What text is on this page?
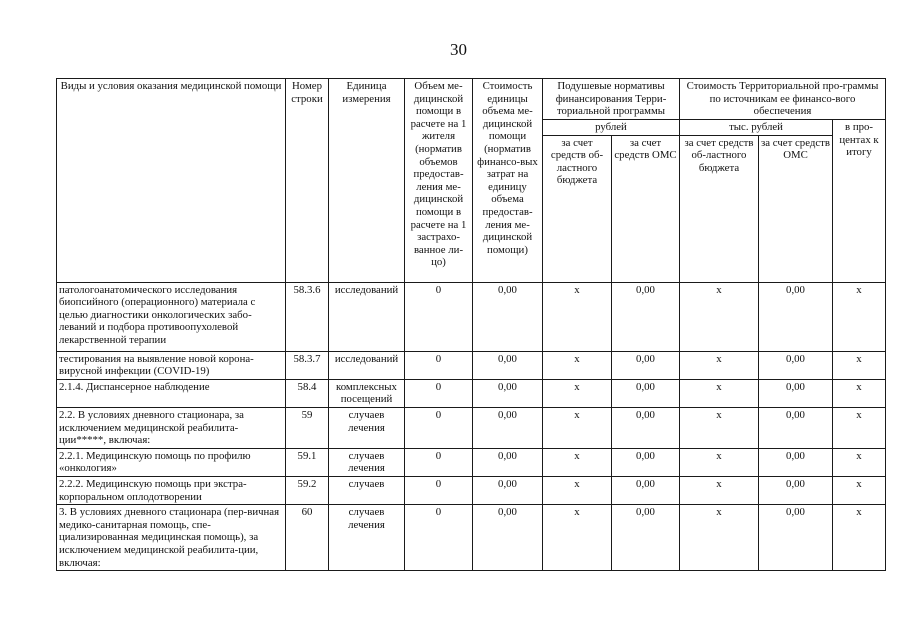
30
Виды и условия оказания медицинской помощи	Номер строки	Единица измерения	Объем ме-дицинской помощи в расчете на 1 жителя (норматив объемов предостав-ления ме-дицинской помощи в расчете на 1 застрахо-ванное ли-цо)	Стоимость единицы объема ме-дицинской помощи (норматив финансо-вых затрат на единицу объема предостав-ления ме-дицинской помощи)	Подушевые нормативы финансирования Терри-ториальной программы		Стоимость Территориальной про-граммы по источникам ее финансо-вого обеспечения		
					рублей		тыс. рублей		в про-центах к итогу
					за счет средств об-ластного бюджета	за счет средств ОМС	за счет средств об-ластного бюджета	за счет средств ОМС	
патологоанатомического исследования биопсийного (операционного) материала с целью диагностики онкологических забо-леваний и подбора противоопухолевой лекарственной терапии	58.3.6	исследований	0	0,00	х	0,00	х	0,00	х
тестирования на выявление новой корона-вирусной инфекции (COVID-19)	58.3.7	исследований	0	0,00	х	0,00	х	0,00	х
2.1.4. Диспансерное наблюдение	58.4	комплексных посещений	0	0,00	х	0,00	х	0,00	х
2.2. В условиях дневного стационара, за исключением медицинской реабилита-ции*****, включая:	59	случаев лечения	0	0,00	х	0,00	х	0,00	х
2.2.1. Медицинскую помощь по профилю «онкология»	59.1	случаев лечения	0	0,00	х	0,00	х	0,00	х
2.2.2. Медицинскую помощь при экстра-корпоральном оплодотворении	59.2	случаев	0	0,00	х	0,00	х	0,00	х
3. В условиях дневного стационара (пер-вичная медико-санитарная помощь, спе-циализированная медицинская помощь), за исключением медицинской реабилита-ции, включая:	60	случаев лечения	0	0,00	х	0,00	х	0,00	х
